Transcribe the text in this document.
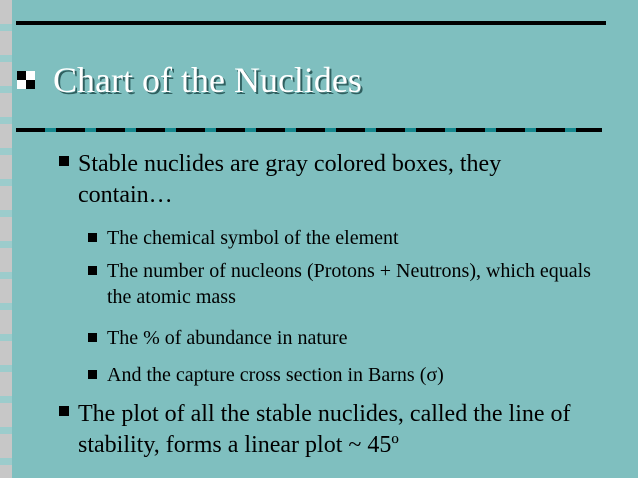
Chart of the Nuclides

Stable nuclides are gray colored boxes, they contain…

The chemical symbol of the element

The number of nucleons (Protons + Neutrons), which equals the atomic mass

The % of abundance in nature

And the capture cross section in Barns (σ)

The plot of all the stable nuclides, called the line of stability, forms a linear plot ~ 45º
